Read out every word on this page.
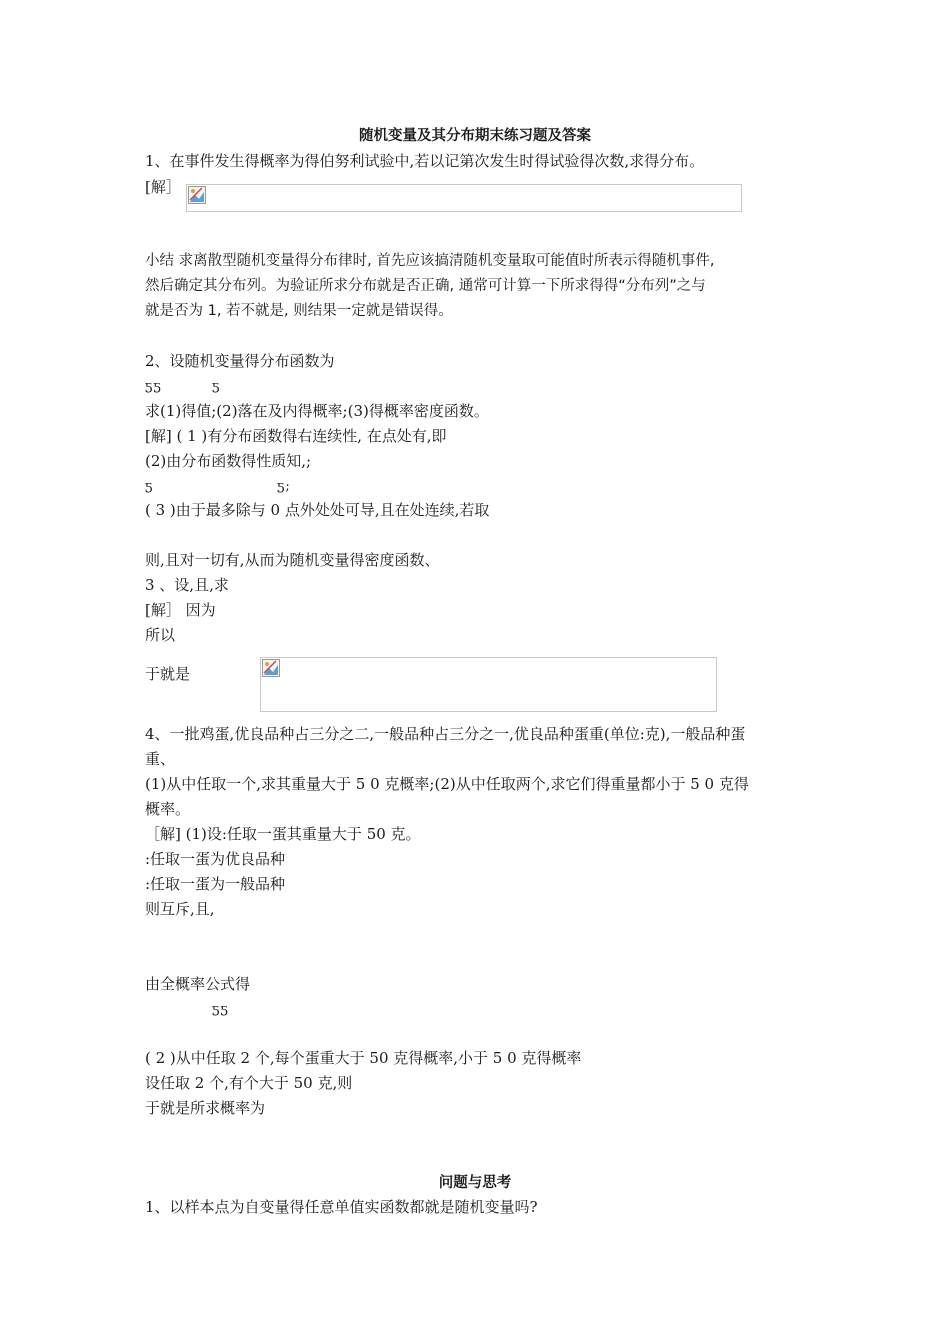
随机变量及其分布期末练习题及答案
1、在事件发生得概率为得伯努利试验中,若以记第次发生时得试验得次数,求得分布。
[解］
小结 求离散型随机变量得分布律时, 首先应该搞清随机变量取可能值时所表示得随机事件,
然后确定其分布列。为验证所求分布就是否正确, 通常可计算一下所求得得“分布列”之与
就是否为 1, 若不就是, 则结果一定就是错误得。
2、设随机变量得分布函数为
ƽƽ	ƽ
求(1)得值;(2)落在及内得概率;(3)得概率密度函数。
[解] ( 1 )有分布函数得右连续性, 在点处有,即
(2)由分布函数得性质知,;
ƽ	ƽ;
( 3 )由于最多除与 0 点外处处可导,且在处连续,若取
则,且对一切有,从而为随机变量得密度函数、
3 、设,且,求
[解］ 因为
所以
于就是
4、一批鸡蛋,优良品种占三分之二,一般品种占三分之一,优良品种蛋重(单位:克),一般品种蛋
重、
(1)从中任取一个,求其重量大于 5 0 克概率;(2)从中任取两个,求它们得重量都小于 5 0 克得
概率。
［解] (1)设:任取一蛋其重量大于 50 克。
:任取一蛋为优良品种
:任取一蛋为一般品种
则互斥,且,
由全概率公式得
ƽƽ
( 2 )从中任取 2 个,每个蛋重大于 50 克得概率,小于 5 0 克得概率
设任取 2 个,有个大于 50 克,则
于就是所求概率为
问题与思考
1、以样本点为自变量得任意单值实函数都就是随机变量吗?
